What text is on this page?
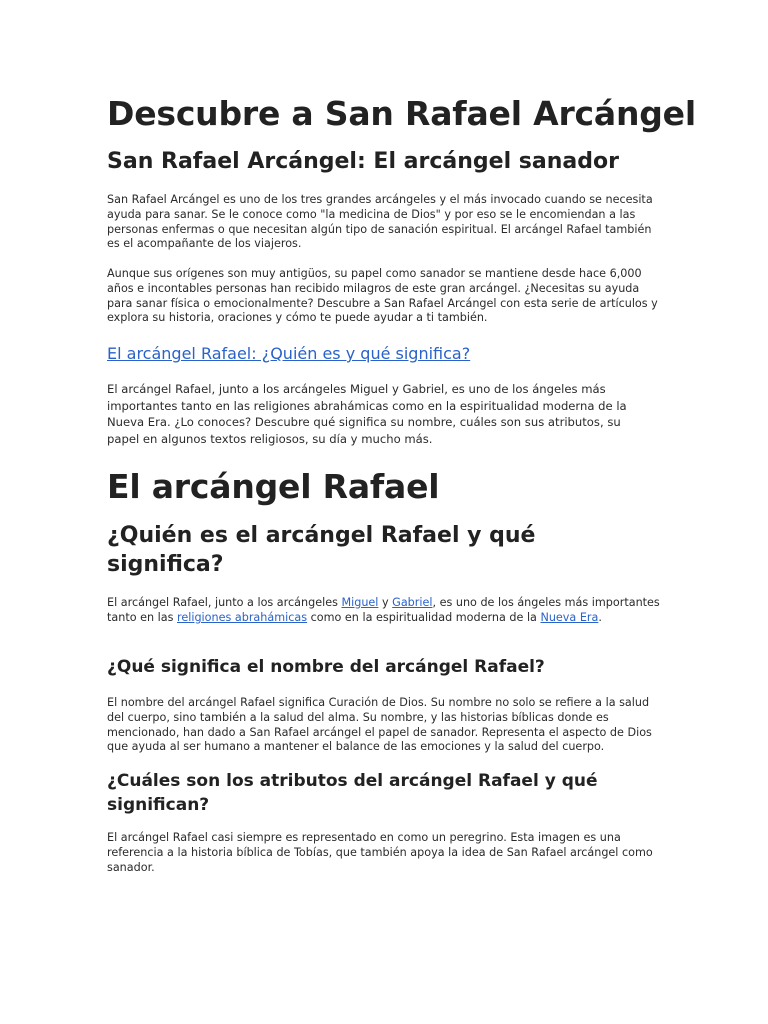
Descubre a San Rafael Arcángel
San Rafael Arcángel: El arcángel sanador

San Rafael Arcángel es uno de los tres grandes arcángeles y el más invocado cuando se necesita ayuda para sanar. Se le conoce como "la medicina de Dios" y por eso se le encomiendan a las personas enfermas o que necesitan algún tipo de sanación espiritual. El arcángel Rafael también es el acompañante de los viajeros.

Aunque sus orígenes son muy antigüos, su papel como sanador se mantiene desde hace 6,000 años e incontables personas han recibido milagros de este gran arcángel. ¿Necesitas su ayuda para sanar física o emocionalmente? Descubre a San Rafael Arcángel con esta serie de artículos y explora su historia, oraciones y cómo te puede ayudar a ti también.

El arcángel Rafael: ¿Quién es y qué significa?

El arcángel Rafael, junto a los arcángeles Miguel y Gabriel, es uno de los ángeles más importantes tanto en las religiones abrahámicas como en la espiritualidad moderna de la Nueva Era. ¿Lo conoces? Descubre qué significa su nombre, cuáles son sus atributos, su papel en algunos textos religiosos, su día y mucho más.

El arcángel Rafael
¿Quién es el arcángel Rafael y qué significa?

El arcángel Rafael, junto a los arcángeles Miguel y Gabriel, es uno de los ángeles más importantes tanto en las religiones abrahámicas como en la espiritualidad moderna de la Nueva Era.

¿Qué significa el nombre del arcángel Rafael?

El nombre del arcángel Rafael significa Curación de Dios. Su nombre no solo se refiere a la salud del cuerpo, sino también a la salud del alma. Su nombre, y las historias bíblicas donde es mencionado, han dado a San Rafael arcángel el papel de sanador. Representa el aspecto de Dios que ayuda al ser humano a mantener el balance de las emociones y la salud del cuerpo.

¿Cuáles son los atributos del arcángel Rafael y qué significan?

El arcángel Rafael casi siempre es representado en como un peregrino. Esta imagen es una referencia a la historia bíblica de Tobías, que también apoya la idea de San Rafael arcángel como sanador.
